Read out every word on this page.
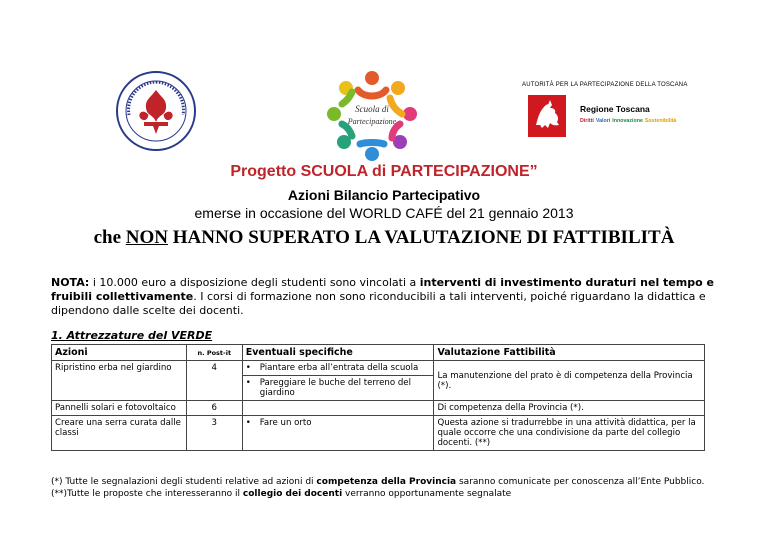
Scuola di
Partecipazione
AUTORITÀ PER LA PARTECIPAZIONE DELLA TOSCANA
Regione Toscana
Diritti Valori Innovazione Sostenibilità
Progetto SCUOLA di PARTECIPAZIONE”
Azioni Bilancio Partecipativo
emerse in occasione del WORLD CAFÉ del 21 gennaio 2013
che NON HANNO SUPERATO LA VALUTAZIONE DI FATTIBILITÀ
NOTA: i 10.000 euro a disposizione degli studenti sono vincolati a interventi di investimento duraturi nel tempo e fruibili collettivamente. I corsi di formazione non sono riconducibili a tali interventi, poiché riguardano la didattica e dipendono dalle scelte dei docenti.
1. Attrezzature del VERDE
Azioni	n. Post-it	Eventuali specifiche	Valutazione Fattibilità
Ripristino erba nel giardino	4	• Piantare erba all’entrata della scuola	La manutenzione del prato è di competenza della Provincia (*).

		• Pareggiare le buche del terreno del giardino	

Pannelli solari e fotovoltaico	6		Di competenza della Provincia (*).
Creare una serra curata dalle classi	3	• Fare un orto	Questa azione si tradurrebbe in una attività didattica, per la quale occorre che una condivisione da parte del collegio docenti. (**)
(*) Tutte le segnalazioni degli studenti relative ad azioni di competenza della Provincia saranno comunicate per conoscenza all’Ente Pubblico.
(**)Tutte le proposte che interesseranno il collegio dei docenti verranno opportunamente segnalate
